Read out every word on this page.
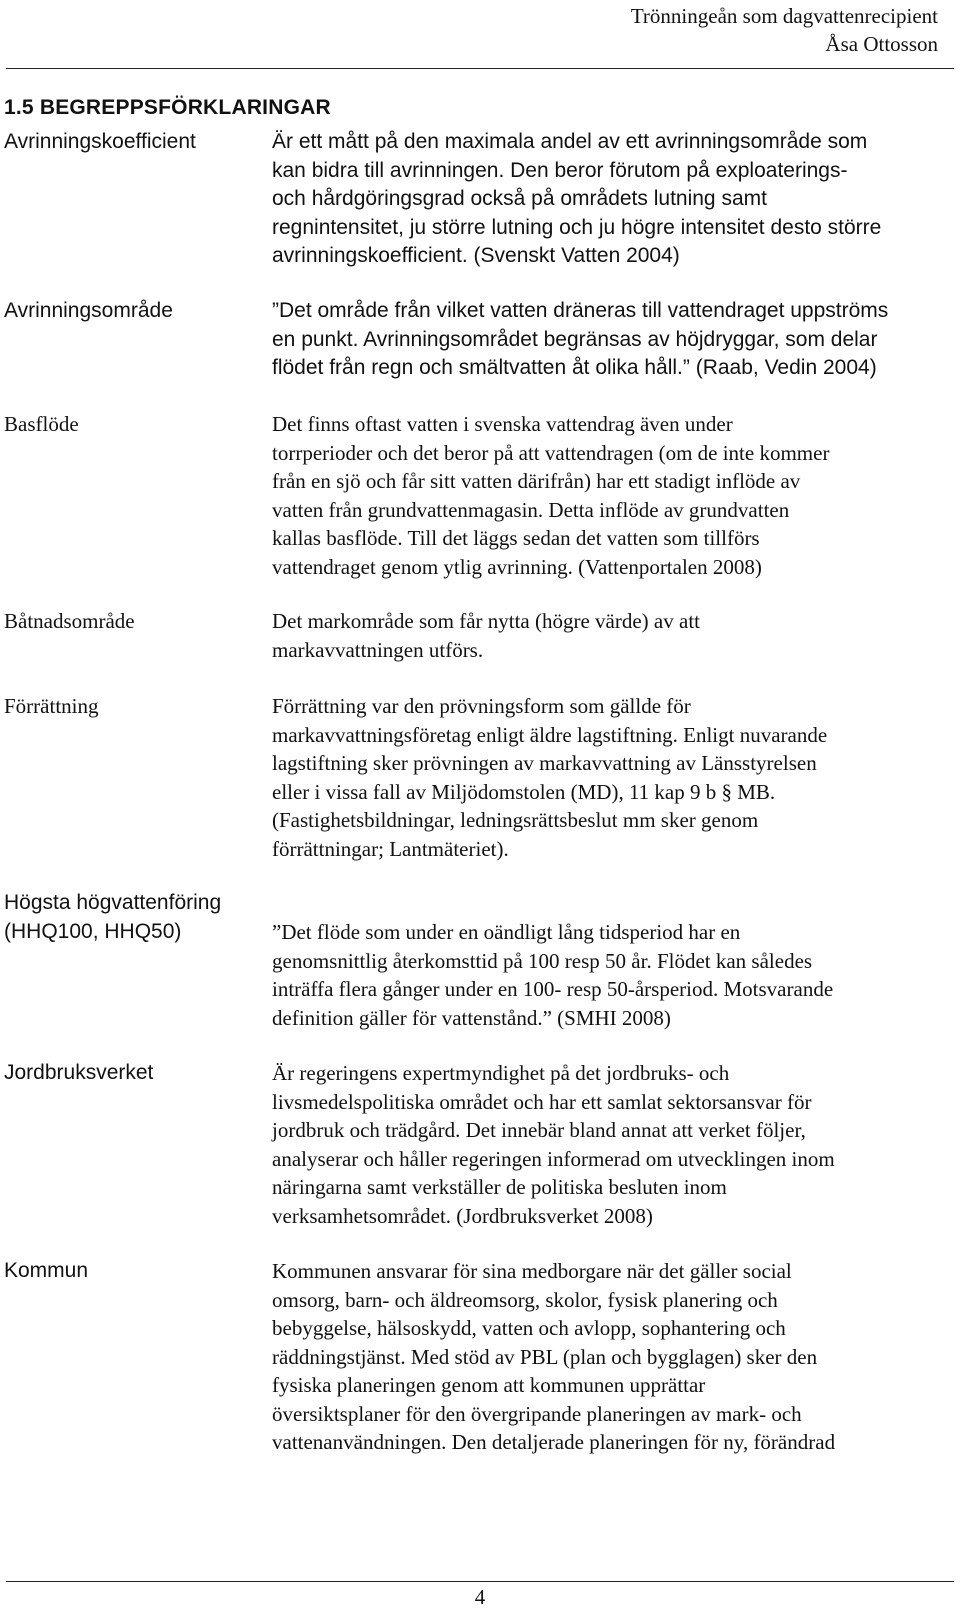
Trönningeån som dagvattenrecipient
Åsa Ottosson
1.5 BEGREPPSFÖRKLARINGAR
Avrinningskoefficient	Är ett mått på den maximala andel av ett avrinningsområde som
kan bidra till avrinningen. Den beror förutom på exploaterings-
och hårdgöringsgrad också på områdets lutning samt
regnintensitet, ju större lutning och ju högre intensitet desto större
avrinningskoefficient. (Svenskt Vatten 2004)
Avrinningsområde	”Det område från vilket vatten dräneras till vattendraget uppströms
en punkt. Avrinningsområdet begränsas av höjdryggar, som delar
flödet från regn och smältvatten åt olika håll.” (Raab, Vedin 2004)
Basflöde	Det finns oftast vatten i svenska vattendrag även under
torrperioder och det beror på att vattendragen (om de inte kommer
från en sjö och får sitt vatten därifrån) har ett stadigt inflöde av
vatten från grundvattenmagasin. Detta inflöde av grundvatten
kallas basflöde. Till det läggs sedan det vatten som tillförs
vattendraget genom ytlig avrinning. (Vattenportalen 2008)
Båtnadsområde	Det markområde som får nytta (högre värde) av att
markavvattningen utförs.
Förrättning	Förrättning var den prövningsform som gällde för
markavvattningsföretag enligt äldre lagstiftning. Enligt nuvarande
lagstiftning sker prövningen av markavvattning av Länsstyrelsen
eller i vissa fall av Miljödomstolen (MD), 11 kap 9 b § MB.
(Fastighetsbildningar, ledningsrättsbeslut mm sker genom
förrättningar; Lantmäteriet).
Högsta högvattenföring
(HHQ100, HHQ50)	”Det flöde som under en oändligt lång tidsperiod har en
genomsnittlig återkomsttid på 100 resp 50 år. Flödet kan således
inträffa flera gånger under en 100- resp 50-årsperiod. Motsvarande
definition gäller för vattenstånd.” (SMHI 2008)
Jordbruksverket	Är regeringens expertmyndighet på det jordbruks- och
livsmedelspolitiska området och har ett samlat sektorsansvar för
jordbruk och trädgård. Det innebär bland annat att verket följer,
analyserar och håller regeringen informerad om utvecklingen inom
näringarna samt verkställer de politiska besluten inom
verksamhetsområdet. (Jordbruksverket 2008)
Kommun	Kommunen ansvarar för sina medborgare när det gäller social
omsorg, barn- och äldreomsorg, skolor, fysisk planering och
bebyggelse, hälsoskydd, vatten och avlopp, sophantering och
räddningstjänst. Med stöd av PBL (plan och bygglagen) sker den
fysiska planeringen genom att kommunen upprättar
översiktsplaner för den övergripande planeringen av mark- och
vattenanvändningen. Den detaljerade planeringen för ny, förändrad
4
